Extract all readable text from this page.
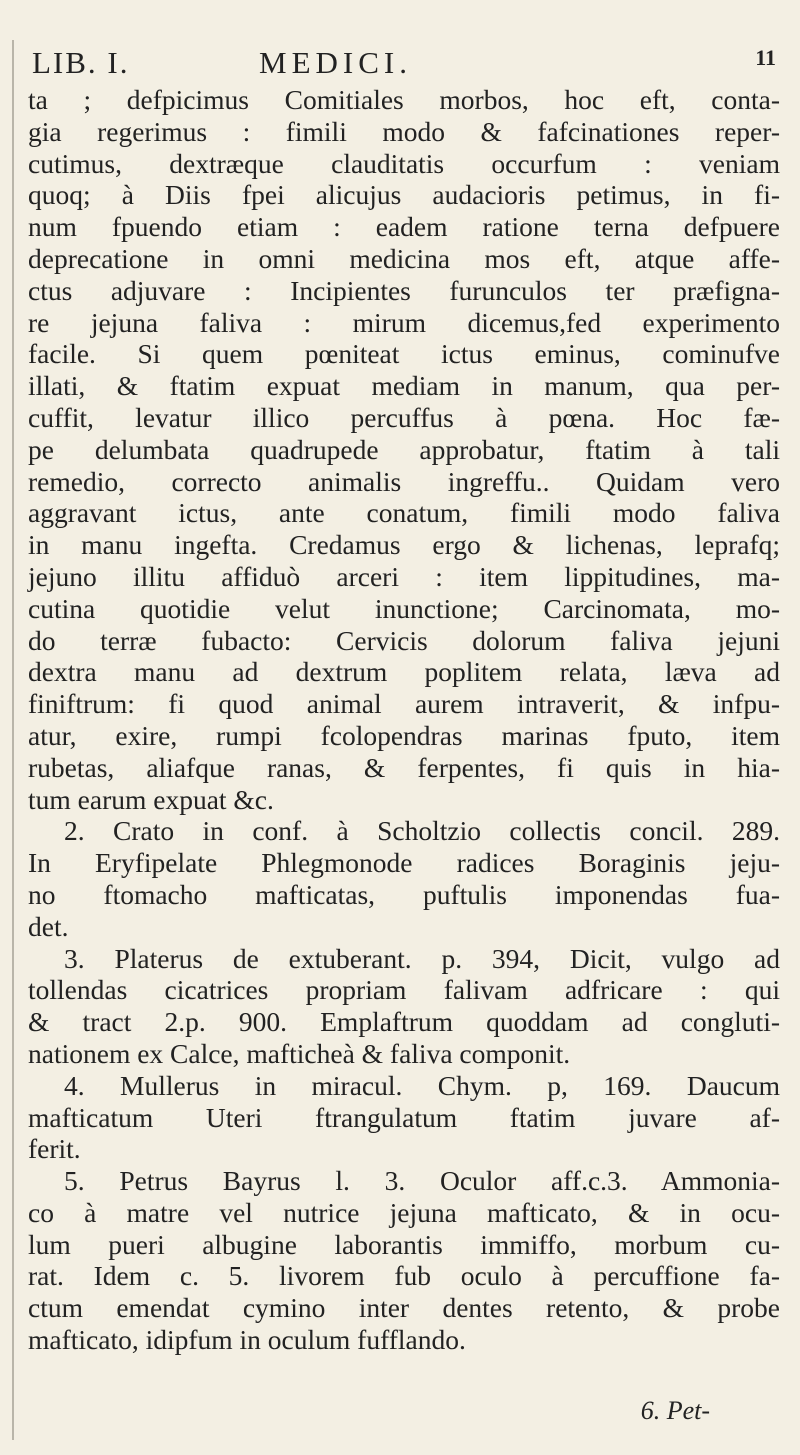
LIB. I.	MEDICI.	11
ta ; defpicimus Comitiales morbos, hoc eft, conta-
gia regerimus : fimili modo & fafcinationes reper-
cutimus, dextræque clauditatis occurfum : veniam
quoq; à Diis fpei alicujus audacioris petimus, in fi-
num fpuendo etiam : eadem ratione terna defpuere
deprecatione in omni medicina mos eft, atque affe-
ctus adjuvare : Incipientes furunculos ter præfigna-
re jejuna faliva : mirum dicemus,fed experimento
facile. Si quem pœniteat ictus eminus, cominufve
illati, & ftatim expuat mediam in manum, qua per-
cuffit, levatur illico percuffus à pœna. Hoc fæ-
pe delumbata quadrupede approbatur, ftatim à tali
remedio, correcto animalis ingreffu.. Quidam vero
aggravant ictus, ante conatum, fimili modo faliva
in manu ingefta. Credamus ergo & lichenas, leprafq;
jejuno illitu affiduò arceri : item lippitudines, ma-
cutina quotidie velut inunctione; Carcinomata, mo-
do terræ fubacto: Cervicis dolorum faliva jejuni
dextra manu ad dextrum poplitem relata, læva ad
finiftrum: fi quod animal aurem intraverit, & infpu-
atur, exire, rumpi fcolopendras marinas fputo, item
rubetas, aliafque ranas, & ferpentes, fi quis in hia-
tum earum expuat &c.
2. Crato in conf. à Scholtzio collectis concil. 289.
In Eryfipelate Phlegmonode radices Boraginis jeju-
no ftomacho mafticatas, puftulis imponendas fua-
det.
3. Platerus de extuberant. p. 394, Dicit, vulgo ad
tollendas cicatrices propriam falivam adfricare : qui
& tract 2.p. 900. Emplaftrum quoddam ad congluti-
nationem ex Calce, mafticheà & faliva componit.
4. Mullerus in miracul. Chym. p, 169. Daucum
mafticatum Uteri ftrangulatum ftatim juvare af-
ferit.
5. Petrus Bayrus l. 3. Oculor aff.c.3. Ammonia-
co à matre vel nutrice jejuna mafticato, & in ocu-
lum pueri albugine laborantis immiffo, morbum cu-
rat. Idem c. 5. livorem fub oculo à percuffione fa-
ctum emendat cymino inter dentes retento, & probe
mafticato, idipfum in oculum fufflando.
6. Pet-
